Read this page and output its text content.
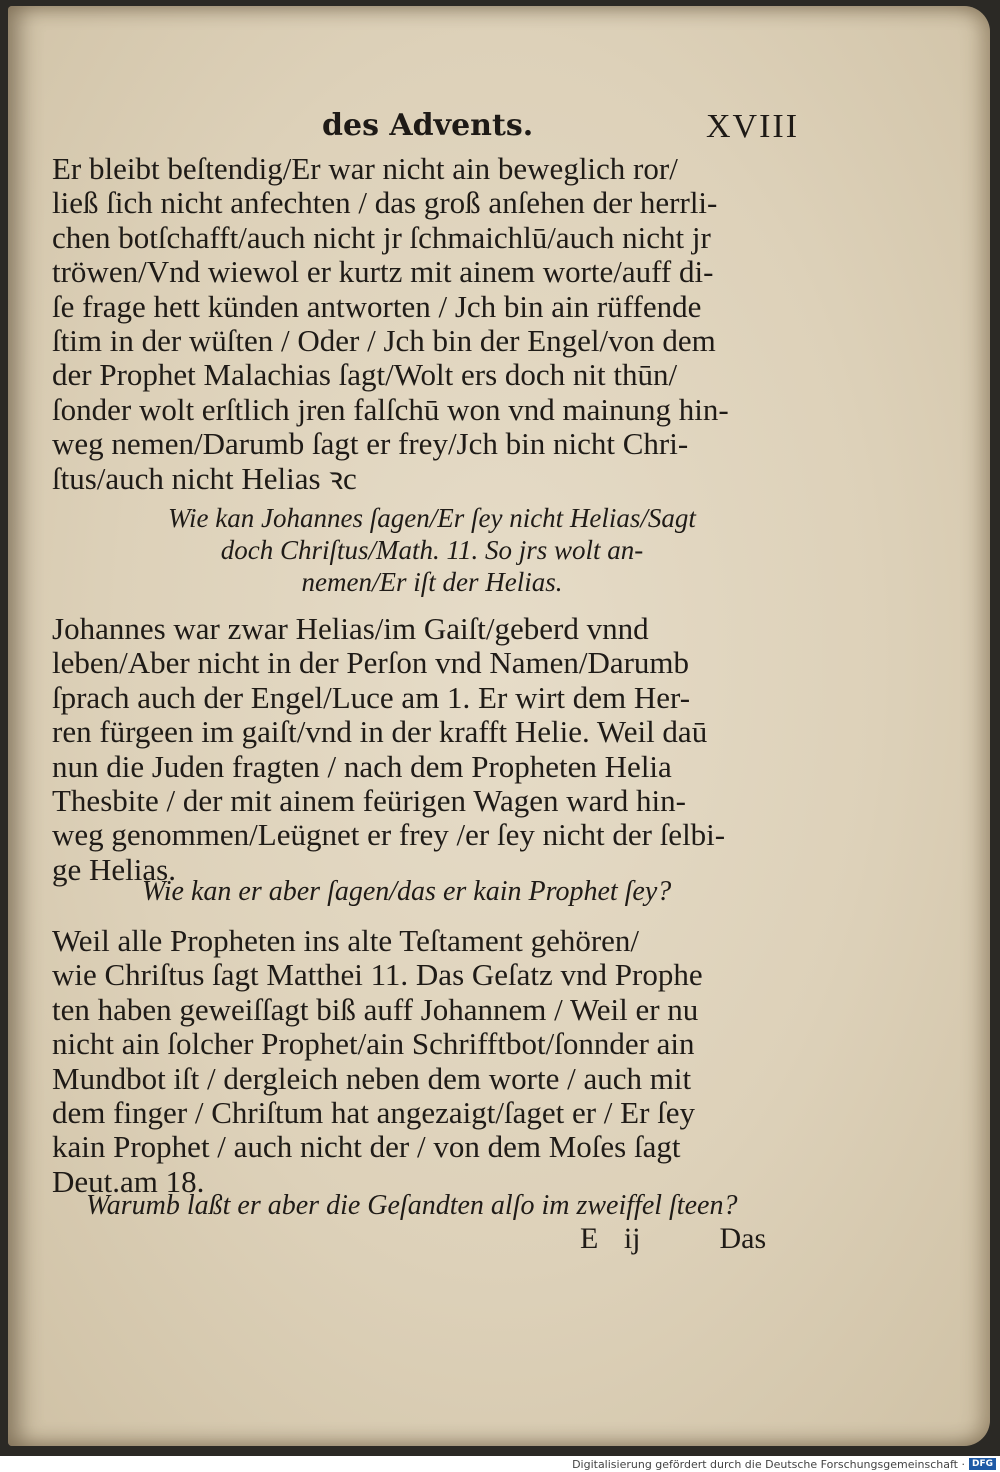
des Advents.	XVIII
Er bleibt beſtendig/Er war nicht ain beweglich ror/
ließ ſich nicht anfechten / das groß anſehen der herrli-
chen botſchafft/auch nicht jr ſchmaichlū/auch nicht jr
tröwen/Vnd wiewol er kurtz mit ainem worte/auff di-
ſe frage hett künden antworten / Jch bin ain rüffende
ſtim in der wüſten / Oder / Jch bin der Engel/von dem
der Prophet Malachias ſagt/Wolt ers doch nit thūn/
ſonder wolt erſtlich jren falſchū won vnd mainung hin-
weg nemen/Darumb ſagt er frey/Jch bin nicht Chri-
ſtus/auch nicht Helias ꝛc
Wie kan Johannes ſagen/Er ſey nicht Helias/Sagt
doch Chriſtus/Math. 11. So jrs wolt an-
nemen/Er iſt der Helias.
Johannes war zwar Helias/im Gaiſt/geberd vnnd
leben/Aber nicht in der Perſon vnd Namen/Darumb
ſprach auch der Engel/Luce am 1. Er wirt dem Her-
ren fürgeen im gaiſt/vnd in der krafft Helie. Weil daū
nun die Juden fragten / nach dem Propheten Helia
Thesbite / der mit ainem feürigen Wagen ward hin-
weg genommen/Leügnet er frey /er ſey nicht der ſelbi-
ge Helias.
Wie kan er aber ſagen/das er kain Prophet ſey?
Weil alle Propheten ins alte Teſtament gehören/
wie Chriſtus ſagt Matthei 11. Das Geſatz vnd Prophe
ten haben geweiſſagt biß auff Johannem / Weil er nu
nicht ain ſolcher Prophet/ain Schrifftbot/ſonnder ain
Mundbot iſt / dergleich neben dem worte / auch mit
dem finger / Chriſtum hat angezaigt/ſaget er / Er ſey
kain Prophet / auch nicht der / von dem Moſes ſagt
Deut.am 18.
Warumb laßt er aber die Geſandten alſo im zweiffel ſteen?
E ij	Das
Digitalisierung gefördert durch die Deutsche Forschungsgemeinschaft · DFG
